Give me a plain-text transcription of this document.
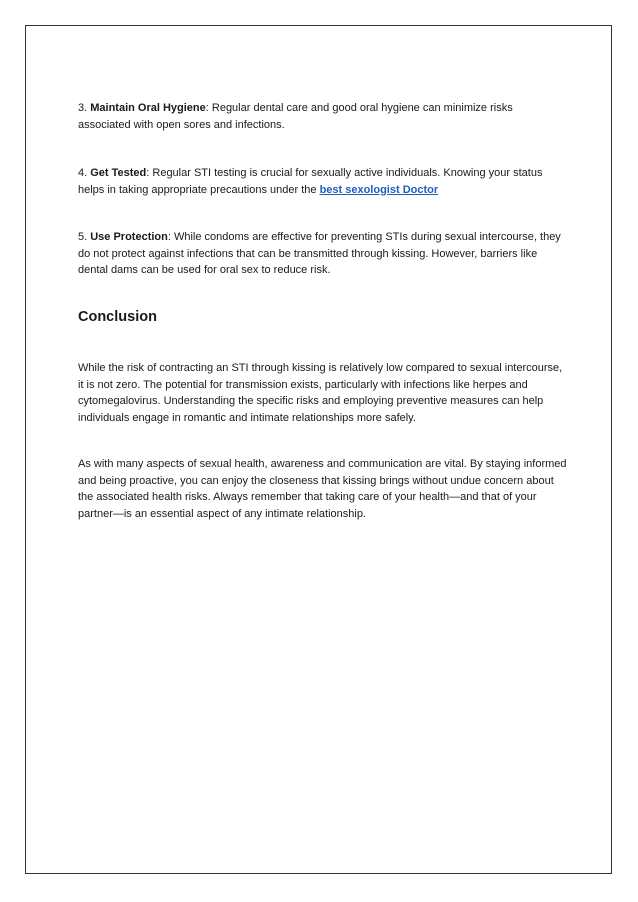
3. Maintain Oral Hygiene: Regular dental care and good oral hygiene can minimize risks associated with open sores and infections.

4. Get Tested: Regular STI testing is crucial for sexually active individuals. Knowing your status helps in taking appropriate precautions under the best sexologist Doctor

5. Use Protection: While condoms are effective for preventing STIs during sexual intercourse, they do not protect against infections that can be transmitted through kissing. However, barriers like dental dams can be used for oral sex to reduce risk.

Conclusion

While the risk of contracting an STI through kissing is relatively low compared to sexual intercourse, it is not zero. The potential for transmission exists, particularly with infections like herpes and cytomegalovirus. Understanding the specific risks and employing preventive measures can help individuals engage in romantic and intimate relationships more safely.

As with many aspects of sexual health, awareness and communication are vital. By staying informed and being proactive, you can enjoy the closeness that kissing brings without undue concern about the associated health risks. Always remember that taking care of your health—and that of your partner—is an essential aspect of any intimate relationship.
